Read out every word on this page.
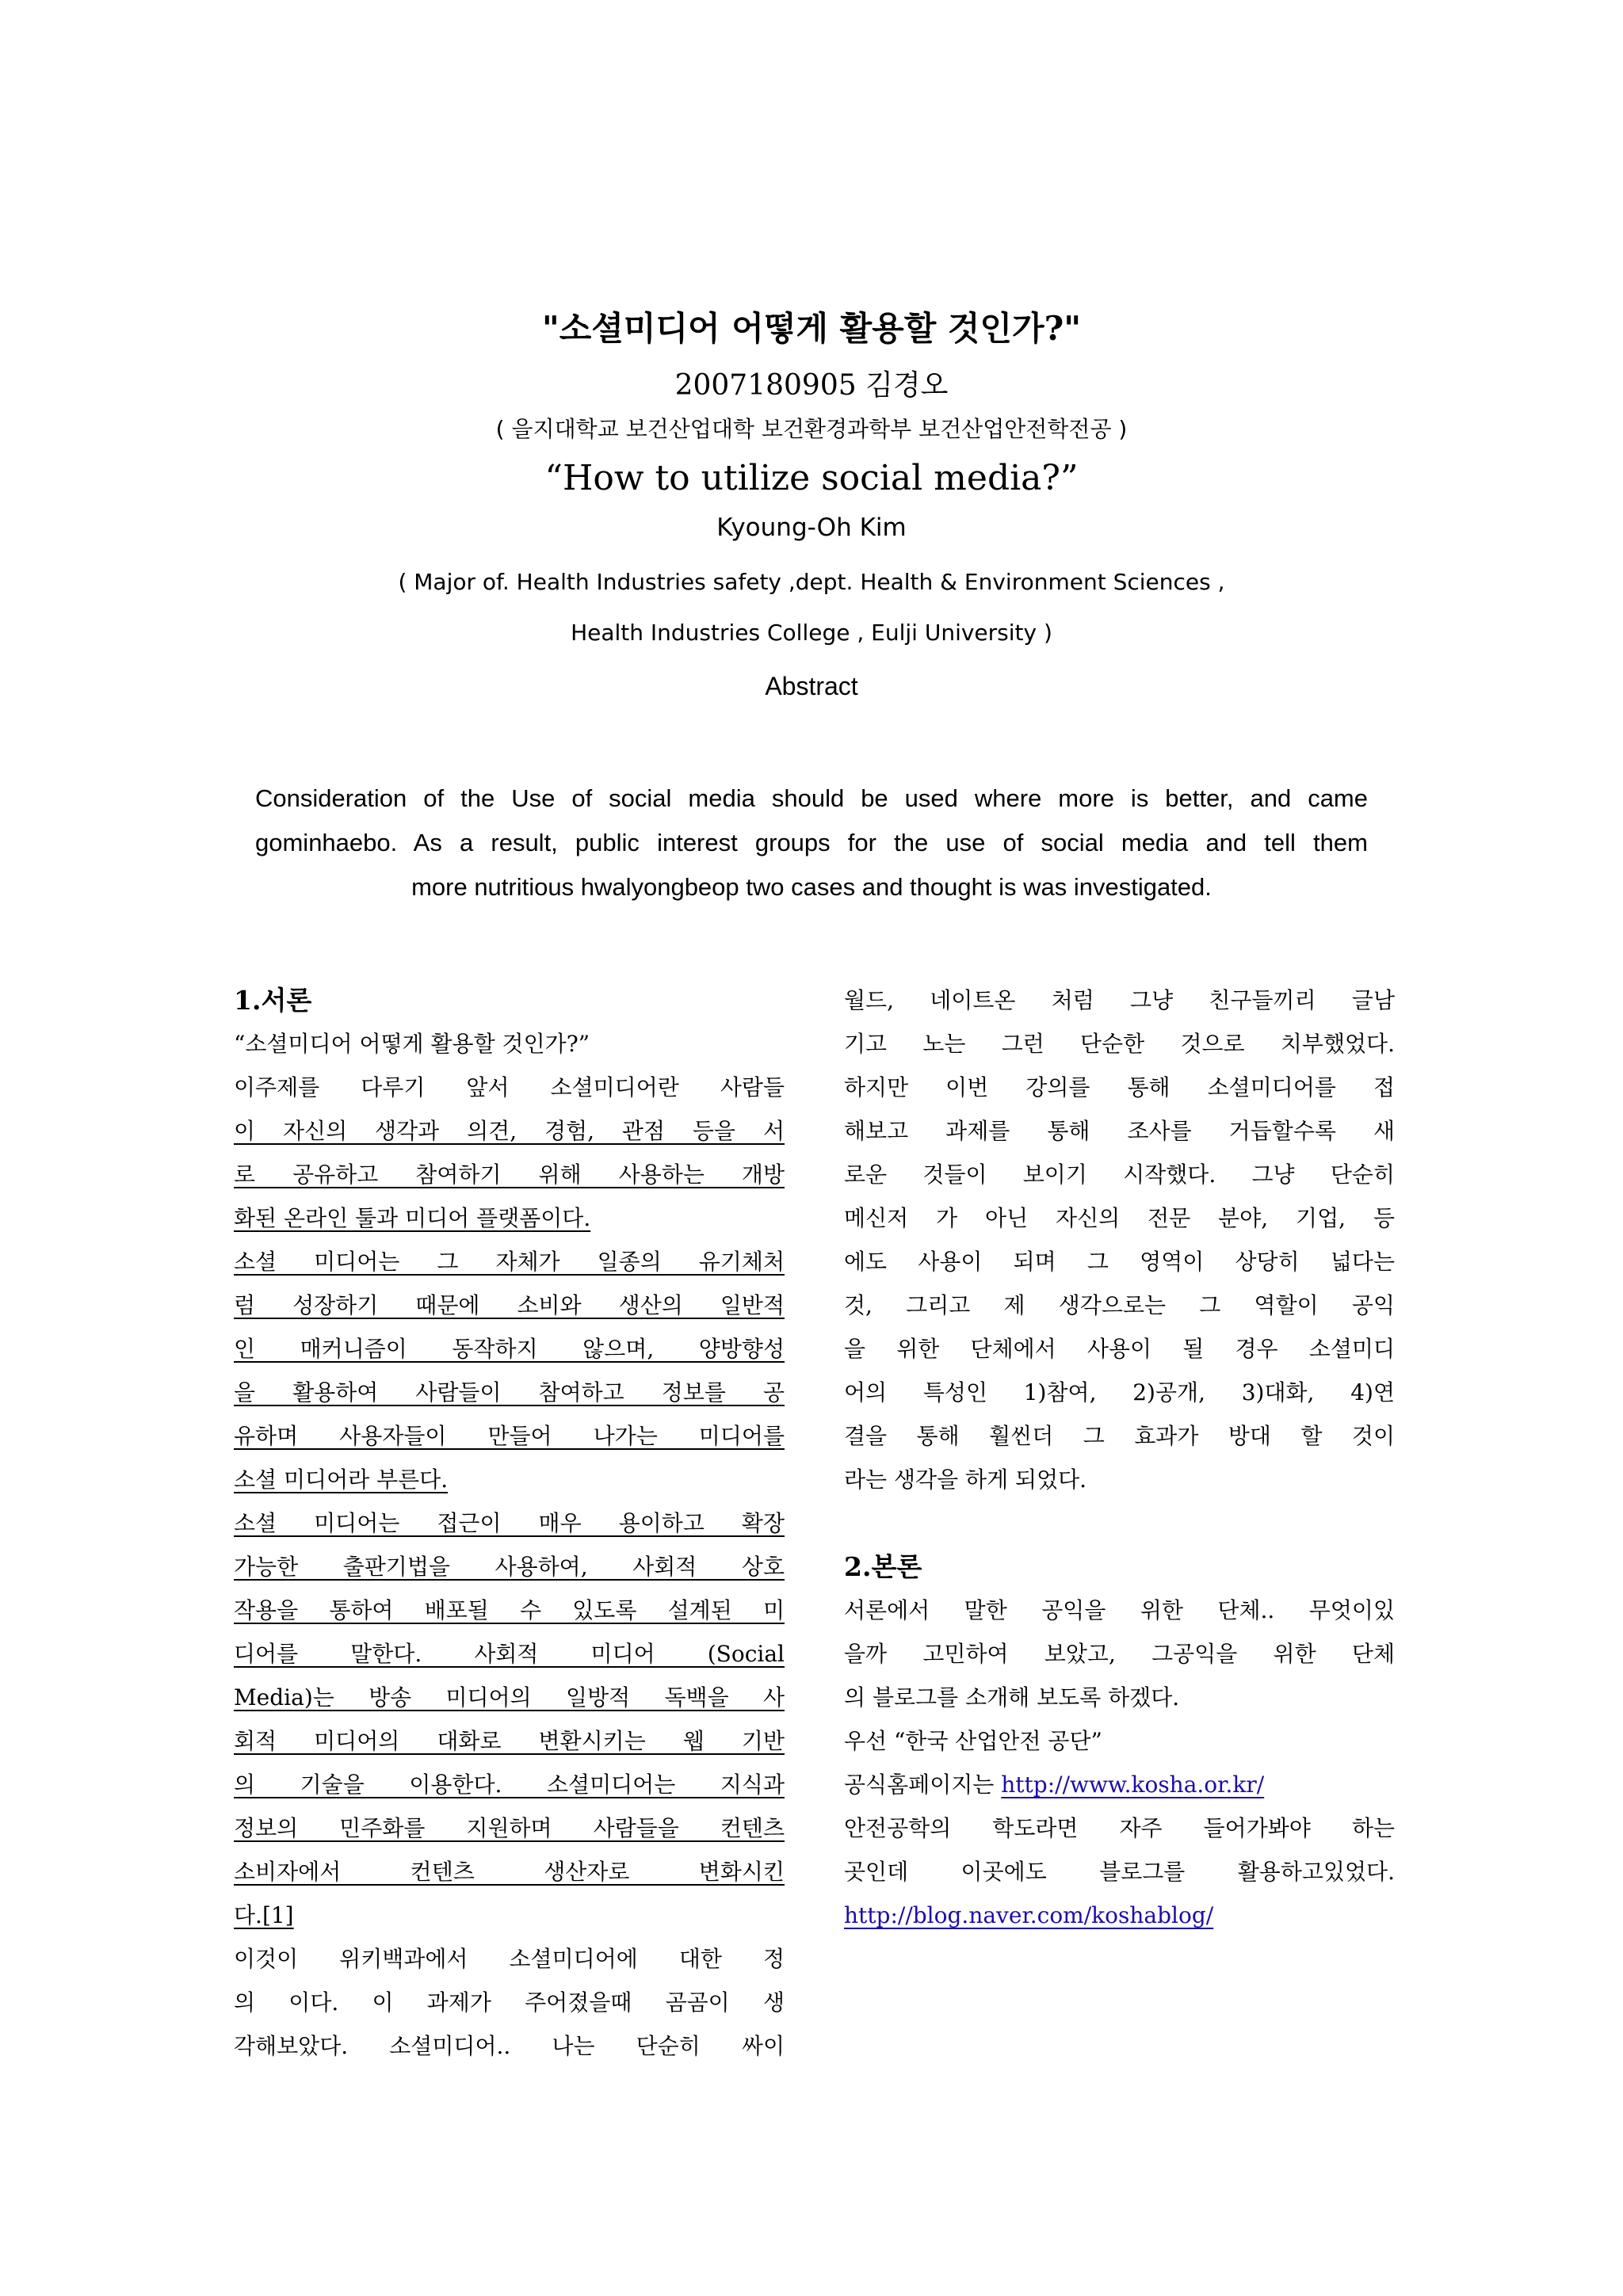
"소셜미디어 어떻게 활용할 것인가?"
2007180905 김경오
( 을지대학교 보건산업대학 보건환경과학부 보건산업안전학전공 )
“How to utilize social media?”
Kyoung-Oh Kim
( Major of. Health Industries safety ,dept. Health & Environment Sciences ,
Health Industries College , Eulji University )
Abstract
Consideration of the Use of social media should be used where more is better, and came
gominhaebo. As a result, public interest groups for the use of social media and tell them
more nutritious hwalyongbeop two cases and thought is was investigated.
1.서론
“소셜미디어 어떻게 활용할 것인가?”
이주제를 다루기 앞서 소셜미디어란 사람들
이 자신의 생각과 의견, 경험, 관점 등을 서
로 공유하고 참여하기 위해 사용하는 개방
화된 온라인 툴과 미디어 플랫폼이다.
소셜 미디어는 그 자체가 일종의 유기체처
럼 성장하기 때문에 소비와 생산의 일반적
인 매커니즘이 동작하지 않으며, 양방향성
을 활용하여 사람들이 참여하고 정보를 공
유하며 사용자들이 만들어 나가는 미디어를
소셜 미디어라 부른다.
소셜 미디어는 접근이 매우 용이하고 확장
가능한 출판기법을 사용하여, 사회적 상호
작용을 통하여 배포될 수 있도록 설계된 미
디어를 말한다. 사회적 미디어 (Social
Media)는 방송 미디어의 일방적 독백을 사
회적 미디어의 대화로 변환시키는 웹 기반
의 기술을 이용한다. 소셜미디어는 지식과
정보의 민주화를 지원하며 사람들을 컨텐츠
소비자에서 컨텐츠 생산자로 변화시킨
다.[1]
이것이 위키백과에서 소셜미디어에 대한 정
의 이다. 이 과제가 주어졌을때 곰곰이 생
각해보았다. 소셜미디어.. 나는 단순히 싸이
월드, 네이트온 처럼 그냥 친구들끼리 글남
기고 노는 그런 단순한 것으로 치부했었다.
하지만 이번 강의를 통해 소셜미디어를 접
해보고 과제를 통해 조사를 거듭할수록 새
로운 것들이 보이기 시작했다. 그냥 단순히
메신저 가 아닌 자신의 전문 분야, 기업, 등
에도 사용이 되며 그 영역이 상당히 넓다는
것, 그리고 제 생각으로는 그 역할이 공익
을 위한 단체에서 사용이 될 경우 소셜미디
어의 특성인 1)참여, 2)공개, 3)대화, 4)연
결을 통해 훨씬더 그 효과가 방대 할 것이
라는 생각을 하게 되었다.
2.본론
서론에서 말한 공익을 위한 단체.. 무엇이있
을까 고민하여 보았고, 그공익을 위한 단체
의 블로그를 소개해 보도록 하겠다.
우선 “한국 산업안전 공단”
공식홈페이지는 http://www.kosha.or.kr/
안전공학의 학도라면 자주 들어가봐야 하는
곳인데 이곳에도 블로그를 활용하고있었다.
http://blog.naver.com/koshablog/
